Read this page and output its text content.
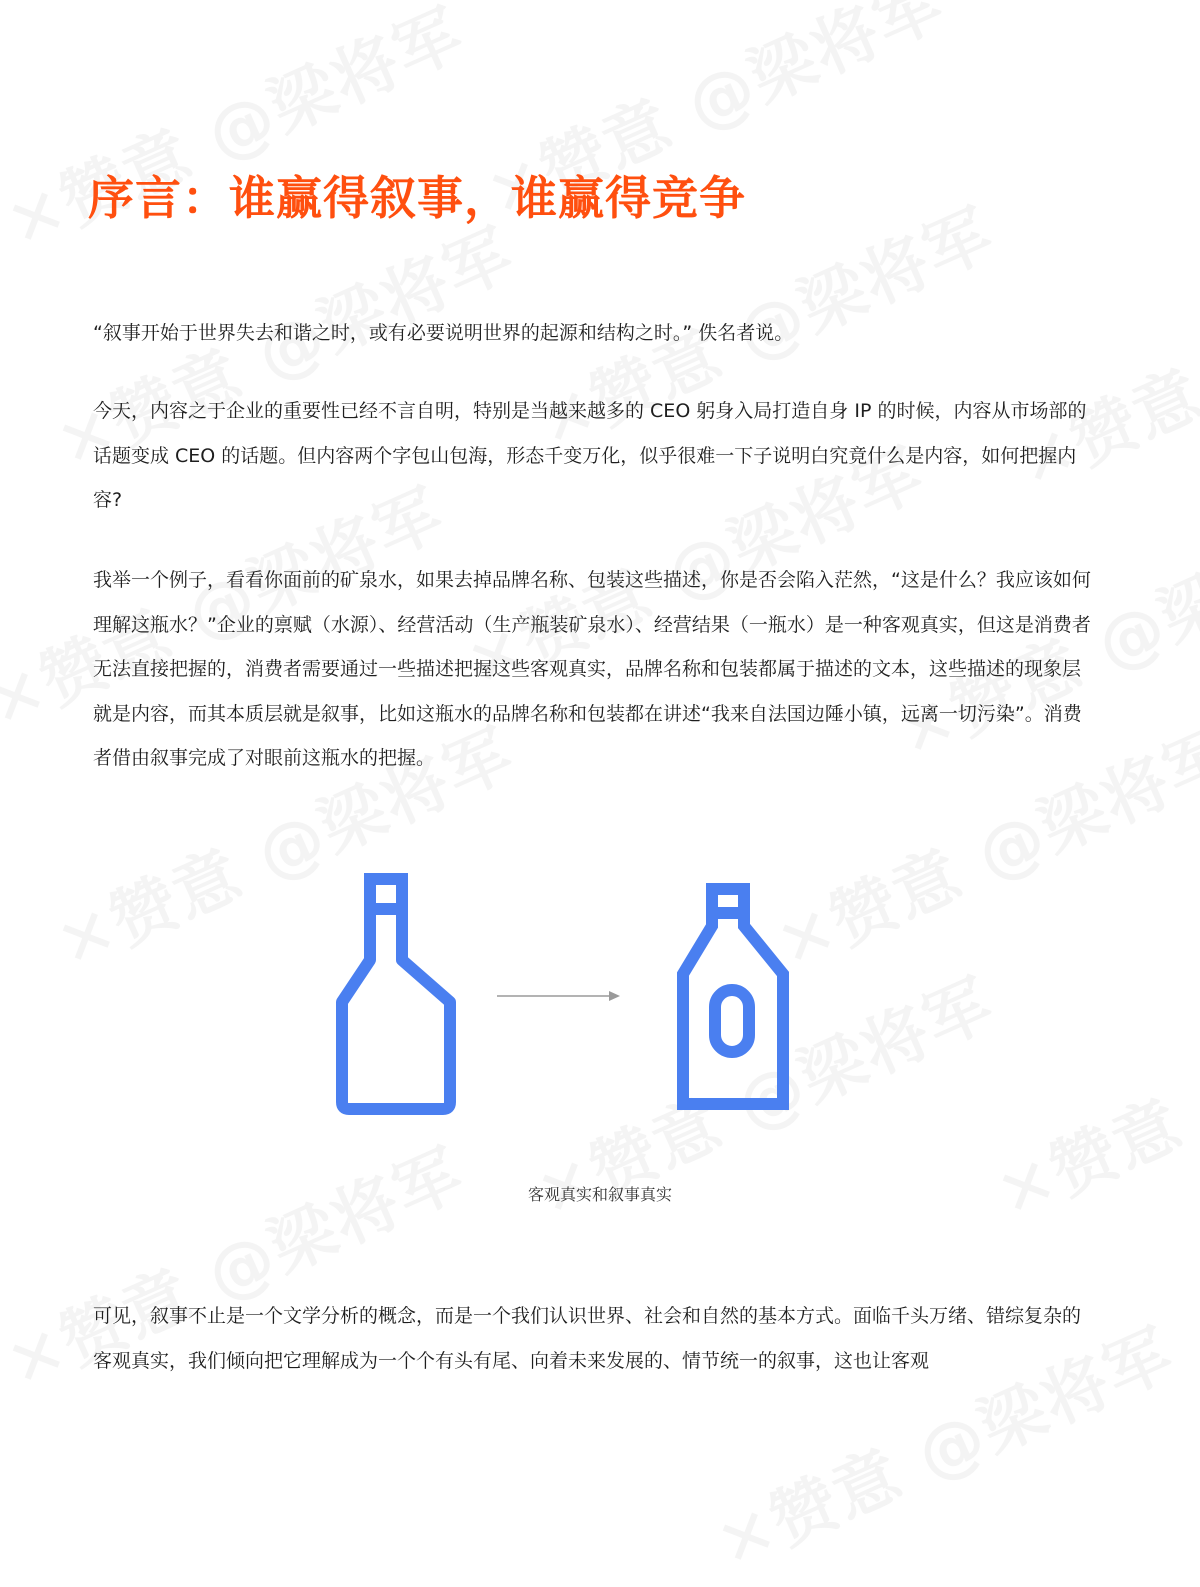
序言：谁赢得叙事，谁赢得竞争

“叙事开始于世界失去和谐之时，或有必要说明世界的起源和结构之时。” 佚名者说。

今天，内容之于企业的重要性已经不言自明，特别是当越来越多的 CEO 躬身入局打造自身 IP 的时候，内容从市场部的话题变成 CEO 的话题。但内容两个字包山包海，形态千变万化，似乎很难一下子说明白究竟什么是内容，如何把握内容?

我举一个例子，看看你面前的矿泉水，如果去掉品牌名称、包装这些描述，你是否会陷入茫然，“这是什么？我应该如何理解这瓶水？”企业的禀赋（水源）、经营活动（生产瓶装矿泉水）、经营结果（一瓶水）是一种客观真实，但这是消费者无法直接把握的，消费者需要通过一些描述把握这些客观真实，品牌名称和包装都属于描述的文本，这些描述的现象层就是内容，而其本质层就是叙事，比如这瓶水的品牌名称和包装都在讲述“我来自法国边陲小镇，远离一切污染”。消费者借由叙事完成了对眼前这瓶水的把握。

客观真实和叙事真实

可见，叙事不止是一个文学分析的概念，而是一个我们认识世界、社会和自然的基本方式。面临千头万绪、错综复杂的客观真实，我们倾向把它理解成为一个个有头有尾、向着未来发展的、情节统一的叙事，这也让客观
